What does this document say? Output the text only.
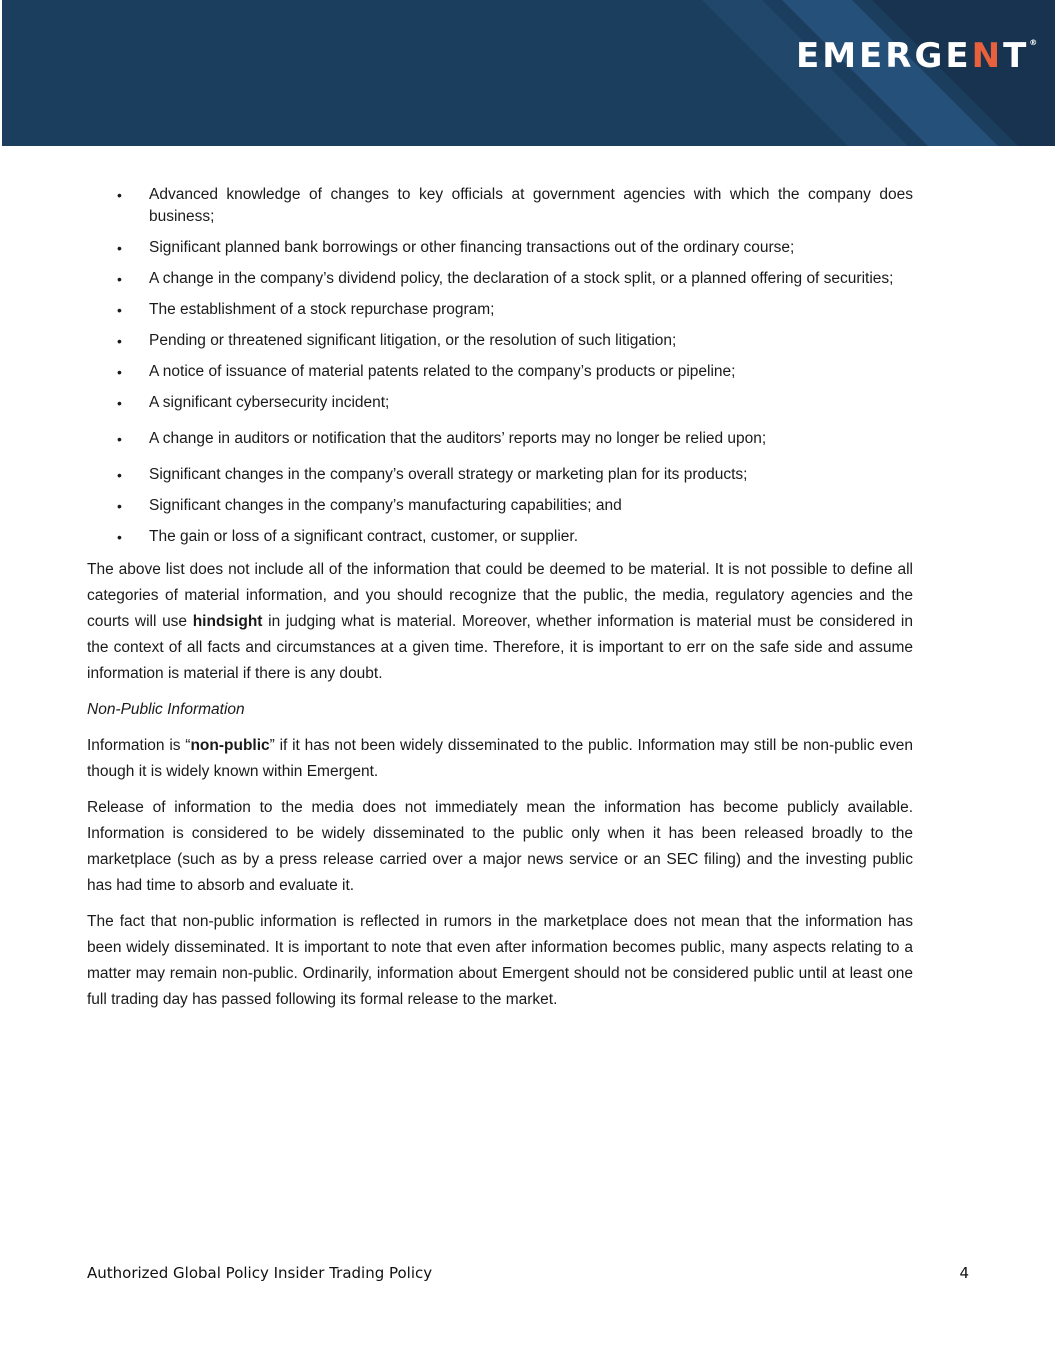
EMERGENT®
• Advanced knowledge of changes to key officials at government agencies with which the company does business;
• Significant planned bank borrowings or other financing transactions out of the ordinary course;
• A change in the company’s dividend policy, the declaration of a stock split, or a planned offering of securities;
• The establishment of a stock repurchase program;
• Pending or threatened significant litigation, or the resolution of such litigation;
• A notice of issuance of material patents related to the company’s products or pipeline;
• A significant cybersecurity incident;
• A change in auditors or notification that the auditors’ reports may no longer be relied upon;
• Significant changes in the company’s overall strategy or marketing plan for its products;
• Significant changes in the company’s manufacturing capabilities; and
• The gain or loss of a significant contract, customer, or supplier.

The above list does not include all of the information that could be deemed to be material. It is not possible to define all categories of material information, and you should recognize that the public, the media, regulatory agencies and the courts will use hindsight in judging what is material. Moreover, whether information is material must be considered in the context of all facts and circumstances at a given time. Therefore, it is important to err on the safe side and assume information is material if there is any doubt.

Non-Public Information

Information is “non-public” if it has not been widely disseminated to the public. Information may still be non-public even though it is widely known within Emergent.

Release of information to the media does not immediately mean the information has become publicly available. Information is considered to be widely disseminated to the public only when it has been released broadly to the marketplace (such as by a press release carried over a major news service or an SEC filing) and the investing public has had time to absorb and evaluate it.

The fact that non-public information is reflected in rumors in the marketplace does not mean that the information has been widely disseminated. It is important to note that even after information becomes public, many aspects relating to a matter may remain non-public. Ordinarily, information about Emergent should not be considered public until at least one full trading day has passed following its formal release to the market.

Authorized Global Policy Insider Trading Policy	4
